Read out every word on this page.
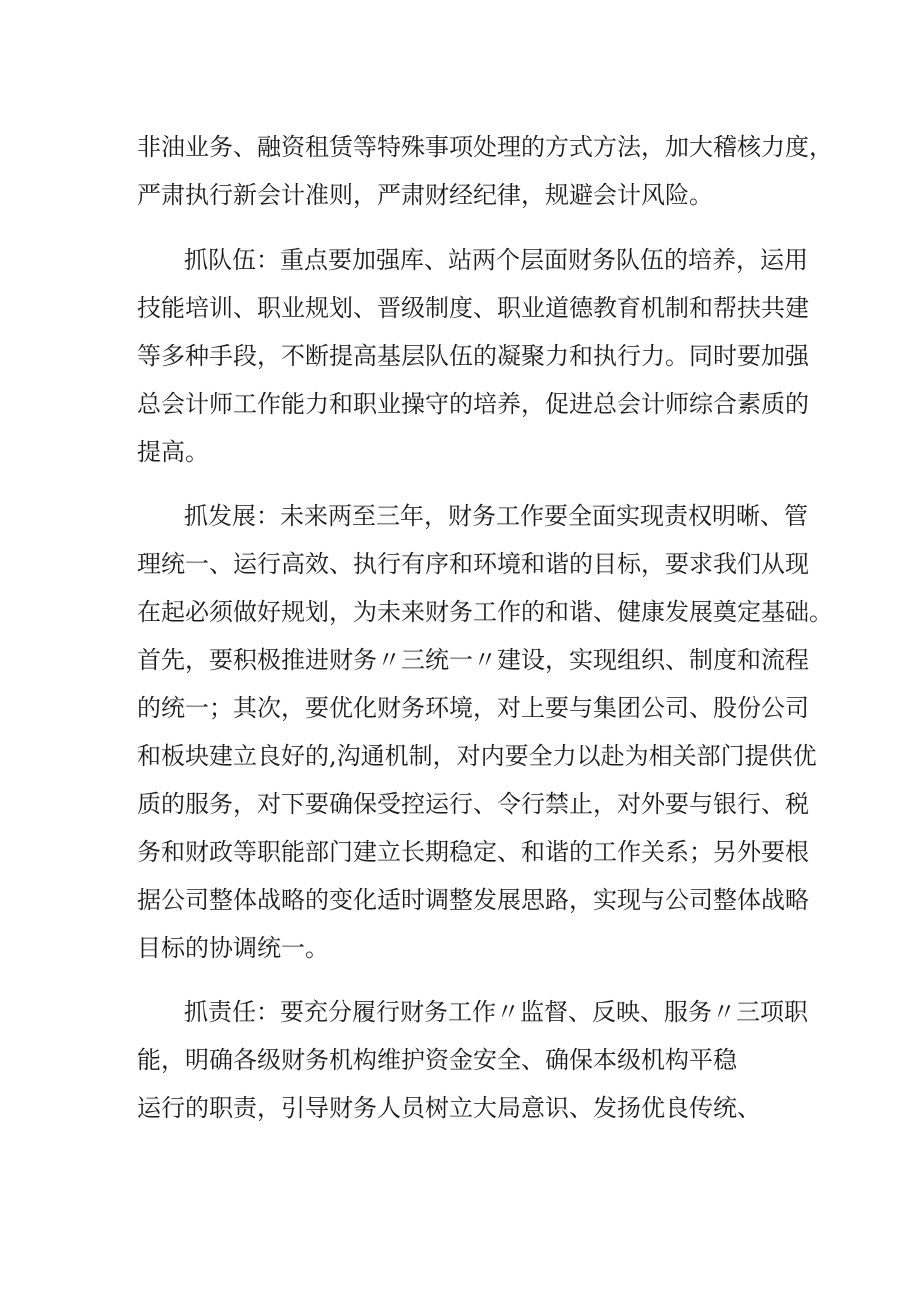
非油业务、融资租赁等特殊事项处理的方式方法，加大稽核力度，
严肃执行新会计准则，严肃财经纪律，规避会计风险。
抓队伍：重点要加强库、站两个层面财务队伍的培养，运用
技能培训、职业规划、晋级制度、职业道德教育机制和帮扶共建
等多种手段，不断提高基层队伍的凝聚力和执行力。同时要加强
总会计师工作能力和职业操守的培养，促进总会计师综合素质的
提高。
抓发展：未来两至三年，财务工作要全面实现责权明晰、管
理统一、运行高效、执行有序和环境和谐的目标，要求我们从现
在起必须做好规划，为未来财务工作的和谐、健康发展奠定基础。
首先，要积极推进财务〃三统一〃建设，实现组织、制度和流程
的统一；其次，要优化财务环境，对上要与集团公司、股份公司
和板块建立良好的,沟通机制，对内要全力以赴为相关部门提供优
质的服务，对下要确保受控运行、令行禁止，对外要与银行、税
务和财政等职能部门建立长期稳定、和谐的工作关系；另外要根
据公司整体战略的变化适时调整发展思路，实现与公司整体战略
目标的协调统一。
抓责任：要充分履行财务工作〃监督、反映、服务〃三项职
能，明确各级财务机构维护资金安全、确保本级机构平稳
运行的职责，引导财务人员树立大局意识、发扬优良传统、
